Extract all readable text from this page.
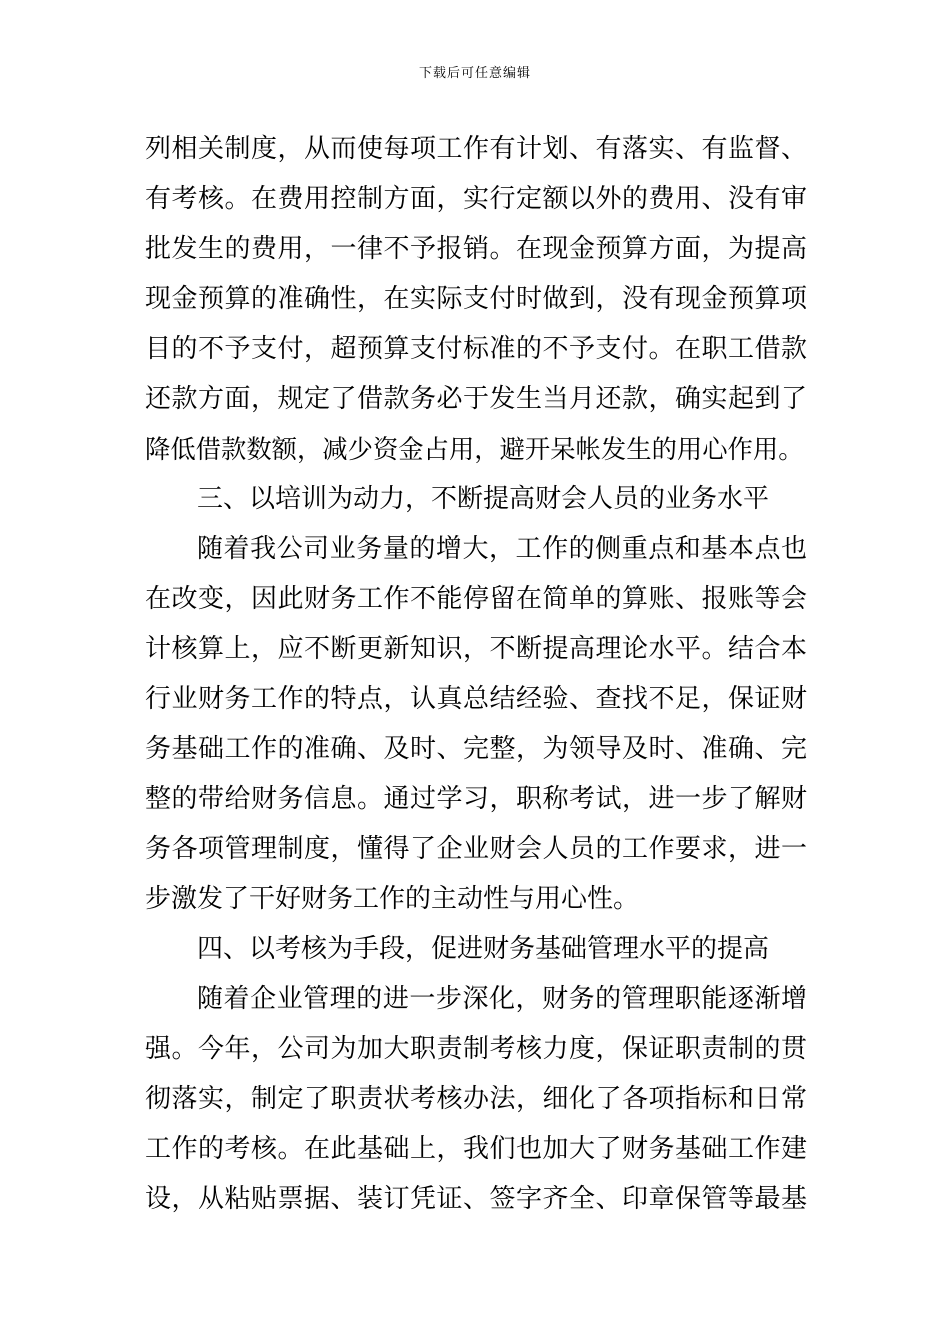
下载后可任意编辑
列相关制度，从而使每项工作有计划、有落实、有监督、
有考核。在费用控制方面，实行定额以外的费用、没有审
批发生的费用，一律不予报销。在现金预算方面，为提高
现金预算的准确性，在实际支付时做到，没有现金预算项
目的不予支付，超预算支付标准的不予支付。在职工借款
还款方面，规定了借款务必于发生当月还款，确实起到了
降低借款数额，减少资金占用，避开呆帐发生的用心作用。
三、以培训为动力，不断提高财会人员的业务水平
随着我公司业务量的增大，工作的侧重点和基本点也
在改变，因此财务工作不能停留在简单的算账、报账等会
计核算上，应不断更新知识，不断提高理论水平。结合本
行业财务工作的特点，认真总结经验、查找不足，保证财
务基础工作的准确、及时、完整，为领导及时、准确、完
整的带给财务信息。通过学习，职称考试，进一步了解财
务各项管理制度，懂得了企业财会人员的工作要求，进一
步激发了干好财务工作的主动性与用心性。
四、以考核为手段，促进财务基础管理水平的提高
随着企业管理的进一步深化，财务的管理职能逐渐增
强。今年，公司为加大职责制考核力度，保证职责制的贯
彻落实，制定了职责状考核办法，细化了各项指标和日常
工作的考核。在此基础上，我们也加大了财务基础工作建
设，从粘贴票据、装订凭证、签字齐全、印章保管等最基
